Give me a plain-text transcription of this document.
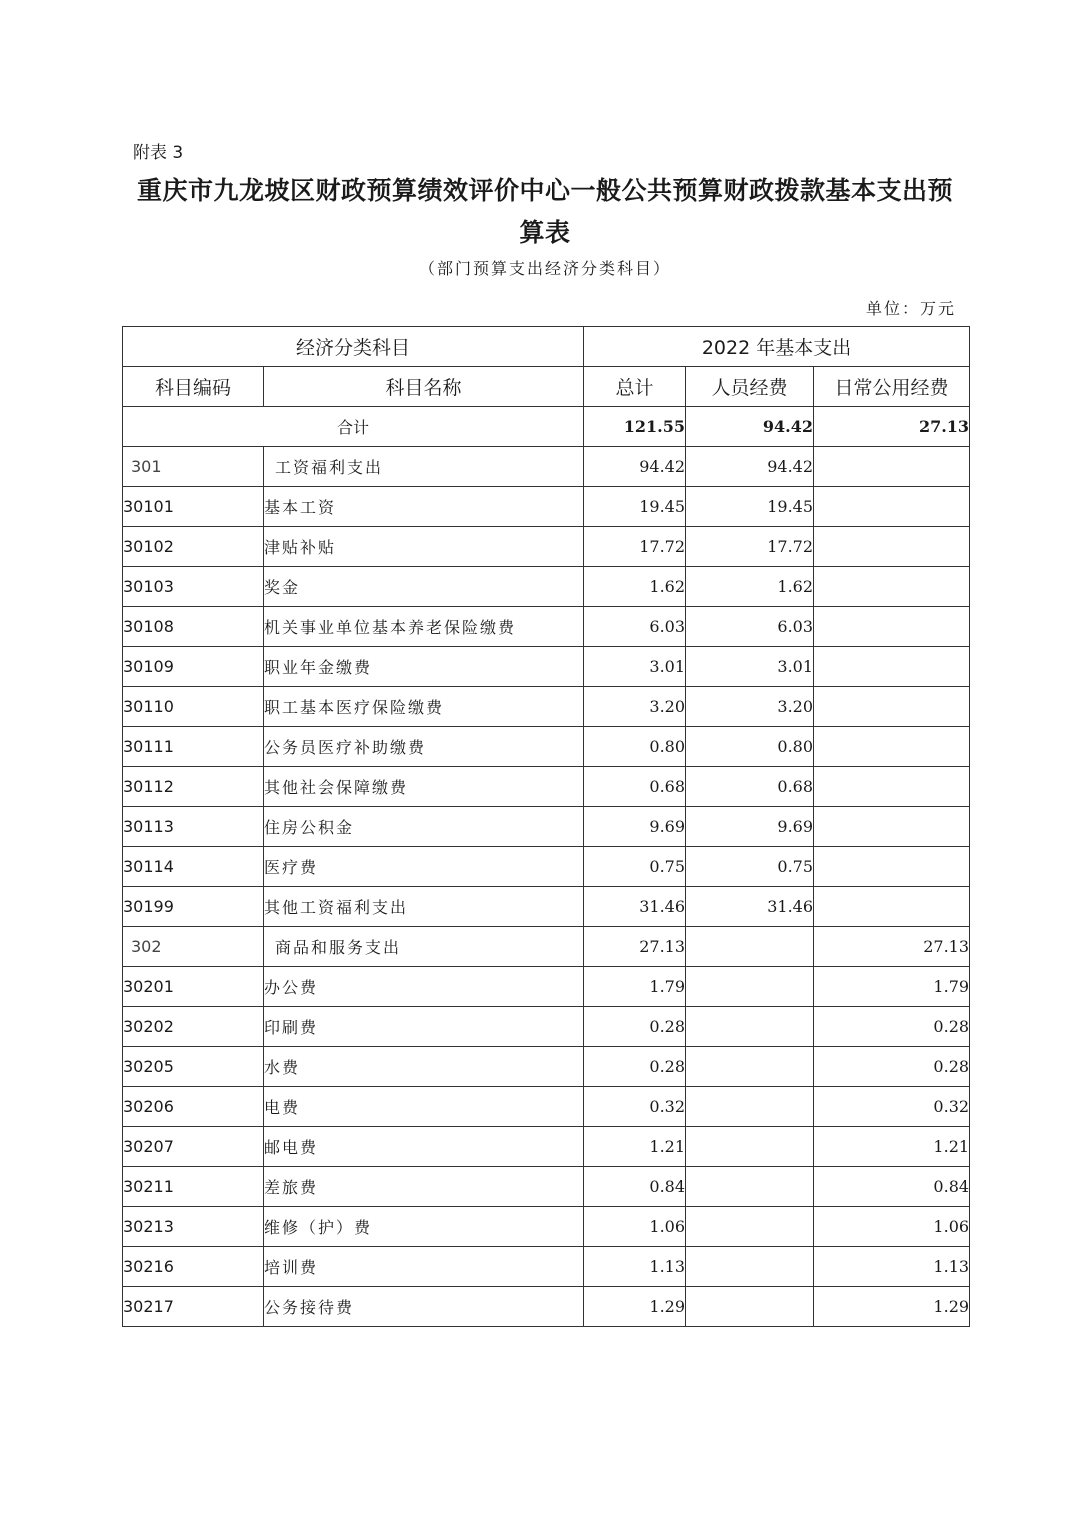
附表 3
重庆市九龙坡区财政预算绩效评价中心一般公共预算财政拨款基本支出预算表
（部门预算支出经济分类科目）
单位：万元
经济分类科目		2022 年基本支出		
科目编码	科目名称	总计	人员经费	日常公用经费
合计		121.55	94.42	27.13
301	工资福利支出	94.42	94.42	
30101	基本工资	19.45	19.45	
30102	津贴补贴	17.72	17.72	
30103	奖金	1.62	1.62	
30108	机关事业单位基本养老保险缴费	6.03	6.03	
30109	职业年金缴费	3.01	3.01	
30110	职工基本医疗保险缴费	3.20	3.20	
30111	公务员医疗补助缴费	0.80	0.80	
30112	其他社会保障缴费	0.68	0.68	
30113	住房公积金	9.69	9.69	
30114	医疗费	0.75	0.75	
30199	其他工资福利支出	31.46	31.46	
302	商品和服务支出	27.13		27.13
30201	办公费	1.79		1.79
30202	印刷费	0.28		0.28
30205	水费	0.28		0.28
30206	电费	0.32		0.32
30207	邮电费	1.21		1.21
30211	差旅费	0.84		0.84
30213	维修（护）费	1.06		1.06
30216	培训费	1.13		1.13
30217	公务接待费	1.29		1.29
